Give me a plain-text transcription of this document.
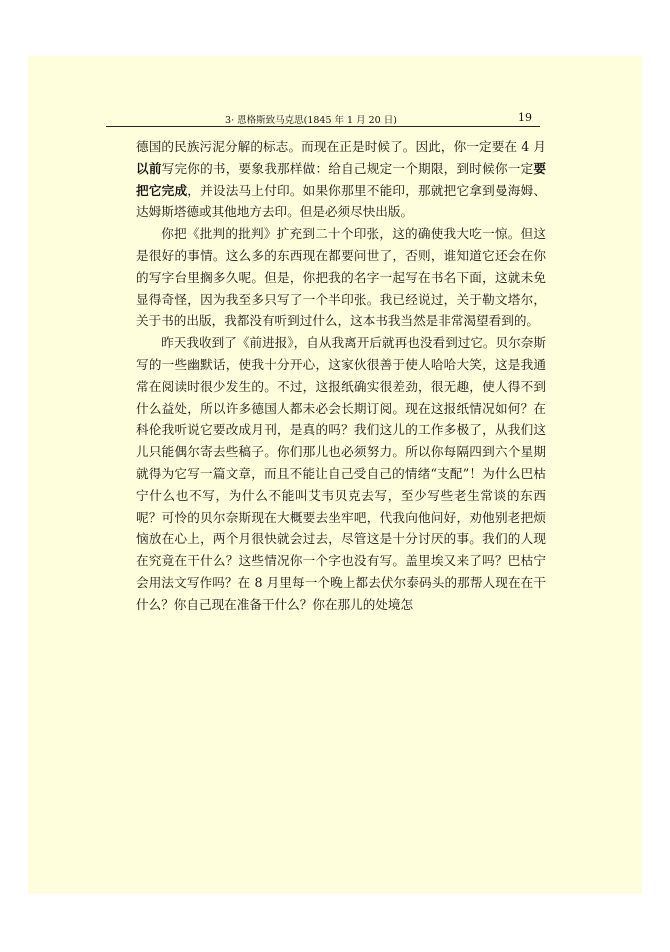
3· 恩格斯致马克思(1845 年 1 月 20 日)	19

德国的民族污泥分解的标志。而现在正是时候了。因此，你一定要在 4 月以前写完你的书，要象我那样做：给自己规定一个期限，到时候你一定要把它完成，并设法马上付印。如果你那里不能印，那就把它拿到曼海姆、达姆斯塔德或其他地方去印。但是必须尽快出版。

你把《批判的批判》扩充到二十个印张，这的确使我大吃一惊。但这是很好的事情。这么多的东西现在都要问世了，否则，谁知道它还会在你的写字台里搁多久呢。但是，你把我的名字一起写在书名下面，这就未免显得奇怪，因为我至多只写了一个半印张。我已经说过，关于勒文塔尔，关于书的出版，我都没有听到过什么，这本书我当然是非常渴望看到的。

昨天我收到了《前进报》，自从我离开后就再也没看到过它。贝尔奈斯写的一些幽默话，使我十分开心，这家伙很善于使人哈哈大笑，这是我通常在阅读时很少发生的。不过，这报纸确实很差劲，很无趣，使人得不到什么益处，所以许多德国人都未必会长期订阅。现在这报纸情况如何？在科伦我听说它要改成月刊，是真的吗？我们这儿的工作多极了，从我们这儿只能偶尔寄去些稿子。你们那儿也必须努力。所以你每隔四到六个星期就得为它写一篇文章，而且不能让自己受自己的情绪“支配”！为什么巴枯宁什么也不写，为什么不能叫艾韦贝克去写，至少写些老生常谈的东西呢？可怜的贝尔奈斯现在大概要去坐牢吧，代我向他问好，劝他别老把烦恼放在心上，两个月很快就会过去，尽管这是十分讨厌的事。我们的人现在究竟在干什么？这些情况你一个字也没有写。盖里埃又来了吗？巴枯宁会用法文写作吗？在 8 月里每一个晚上都去伏尔泰码头的那帮人现在在干什么？你自己现在准备干什么？你在那儿的处境怎
